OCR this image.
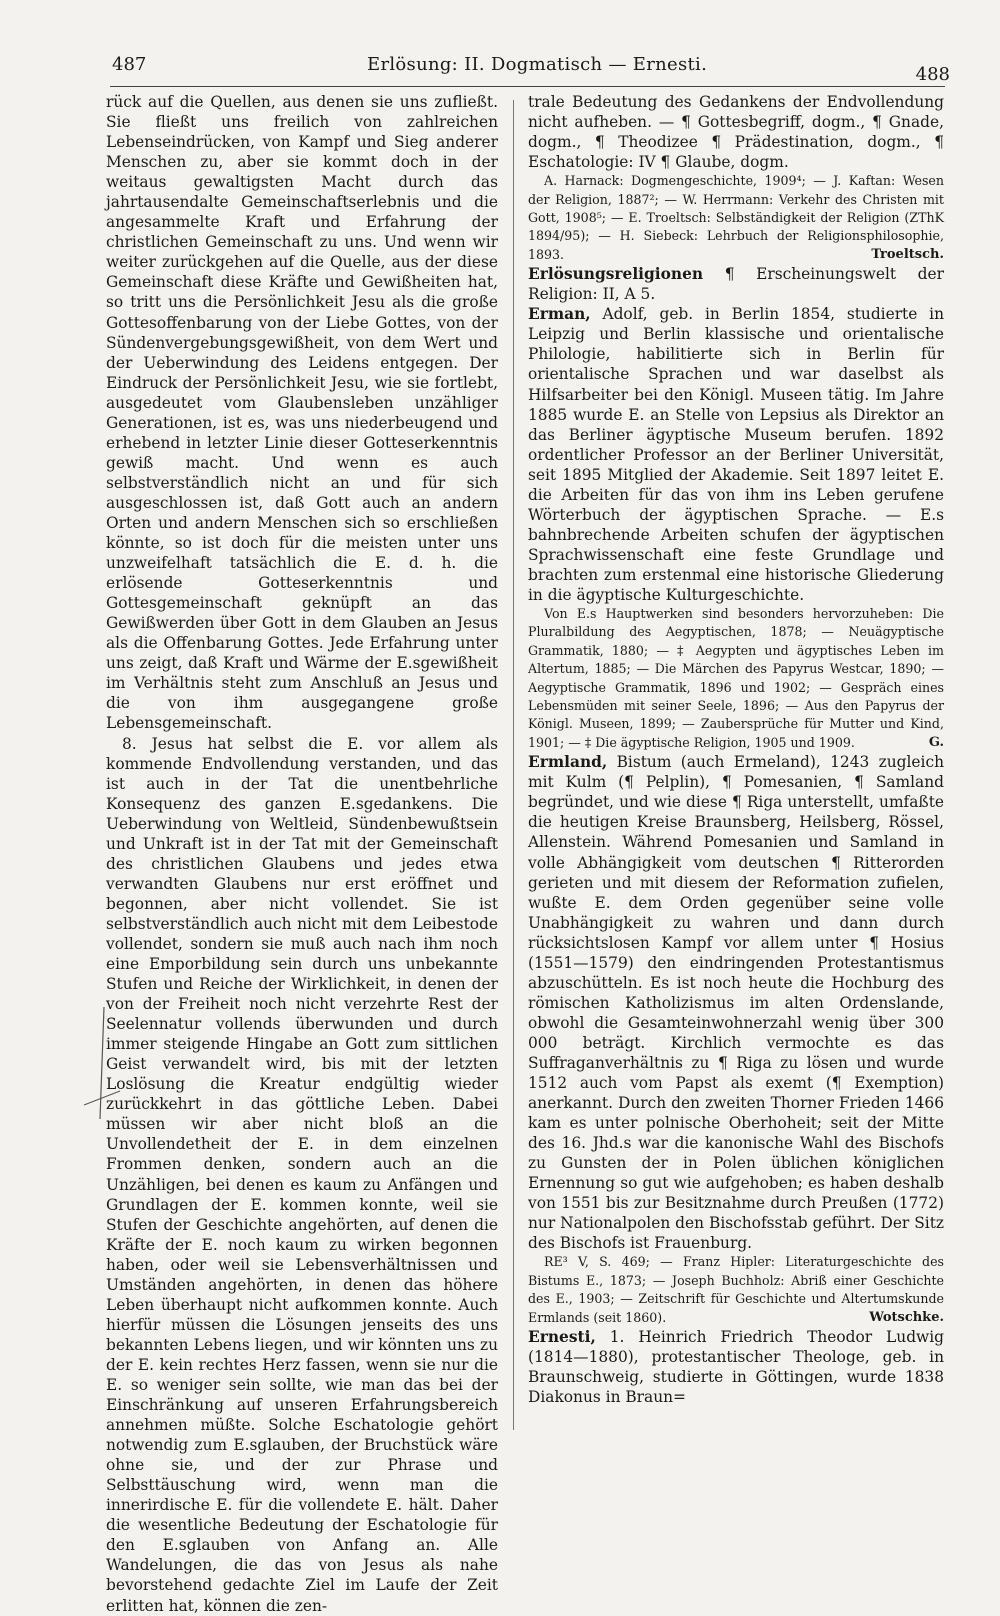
487	Erlösung: II. Dogmatisch — Ernesti.	488

rück auf die Quellen, aus denen sie uns zufließt. Sie fließt uns freilich von zahlreichen Lebenseindrücken, von Kampf und Sieg anderer Menschen zu, aber sie kommt doch in der weitaus gewaltigsten Macht durch das jahrtausendalte Gemeinschaftserlebnis und die angesammelte Kraft und Erfahrung der christlichen Gemeinschaft zu uns. Und wenn wir weiter zurückgehen auf die Quelle, aus der diese Gemeinschaft diese Kräfte und Gewißheiten hat, so tritt uns die Persönlichkeit Jesu als die große Gottesoffenbarung von der Liebe Gottes, von der Sündenvergebungsgewißheit, von dem Wert und der Ueberwindung des Leidens entgegen. Der Eindruck der Persönlichkeit Jesu, wie sie fortlebt, ausgedeutet vom Glaubensleben unzähliger Generationen, ist es, was uns niederbeugend und erhebend in letzter Linie dieser Gotteserkenntnis gewiß macht. Und wenn es auch selbstverständlich nicht an und für sich ausgeschlossen ist, daß Gott auch an andern Orten und andern Menschen sich so erschließen könnte, so ist doch für die meisten unter uns unzweifelhaft tatsächlich die E. d. h. die erlösende Gotteserkenntnis und Gottesgemeinschaft geknüpft an das Gewißwerden über Gott in dem Glauben an Jesus als die Offenbarung Gottes. Jede Erfahrung unter uns zeigt, daß Kraft und Wärme der E.sgewißheit im Verhältnis steht zum Anschluß an Jesus und die von ihm ausgegangene große Lebensgemeinschaft.

8. Jesus hat selbst die E. vor allem als kommende Endvollendung verstanden, und das ist auch in der Tat die unentbehrliche Konsequenz des ganzen E.sgedankens. Die Ueberwindung von Weltleid, Sündenbewußtsein und Unkraft ist in der Tat mit der Gemeinschaft des christlichen Glaubens und jedes etwa verwandten Glaubens nur erst eröffnet und begonnen, aber nicht vollendet. Sie ist selbstverständlich auch nicht mit dem Leibestode vollendet, sondern sie muß auch nach ihm noch eine Emporbildung sein durch uns unbekannte Stufen und Reiche der Wirklichkeit, in denen der von der Freiheit noch nicht verzehrte Rest der Seelennatur vollends überwunden und durch immer steigende Hingabe an Gott zum sittlichen Geist verwandelt wird, bis mit der letzten Loslösung die Kreatur endgültig wieder zurückkehrt in das göttliche Leben. Dabei müssen wir aber nicht bloß an die Unvollendetheit der E. in dem einzelnen Frommen denken, sondern auch an die Unzähligen, bei denen es kaum zu Anfängen und Grundlagen der E. kommen konnte, weil sie Stufen der Geschichte angehörten, auf denen die Kräfte der E. noch kaum zu wirken begonnen haben, oder weil sie Lebensverhältnissen und Umständen angehörten, in denen das höhere Leben überhaupt nicht aufkommen konnte. Auch hierfür müssen die Lösungen jenseits des uns bekannten Lebens liegen, und wir könnten uns zu der E. kein rechtes Herz fassen, wenn sie nur die E. so weniger sein sollte, wie man das bei der Einschränkung auf unseren Erfahrungsbereich annehmen müßte. Solche Eschatologie gehört notwendig zum E.sglauben, der Bruchstück wäre ohne sie, und der zur Phrase und Selbsttäuschung wird, wenn man die innerirdische E. für die vollendete E. hält. Daher die wesentliche Bedeutung der Eschatologie für den E.sglauben von Anfang an. Alle Wandelungen, die das von Jesus als nahe bevorstehend gedachte Ziel im Laufe der Zeit erlitten hat, können die zen-

trale Bedeutung des Gedankens der Endvollendung nicht aufheben. — ¶ Gottesbegriff, dogm., ¶ Gnade, dogm., ¶ Theodizee ¶ Prädestination, dogm., ¶ Eschatologie: IV ¶ Glaube, dogm.

A. Harnack: Dogmengeschichte, 1909⁴; — J. Kaftan: Wesen der Religion, 1887²; — W. Herrmann: Verkehr des Christen mit Gott, 1908⁵; — E. Troeltsch: Selbständigkeit der Religion (ZThK 1894/95); — H. Siebeck: Lehrbuch der Religionsphilosophie, 1893.	Troeltsch.

Erlösungsreligionen ¶ Erscheinungswelt der Religion: II, A 5.

Erman, Adolf, geb. in Berlin 1854, studierte in Leipzig und Berlin klassische und orientalische Philologie, habilitierte sich in Berlin für orientalische Sprachen und war daselbst als Hilfsarbeiter bei den Königl. Museen tätig. Im Jahre 1885 wurde E. an Stelle von Lepsius als Direktor an das Berliner ägyptische Museum berufen. 1892 ordentlicher Professor an der Berliner Universität, seit 1895 Mitglied der Akademie. Seit 1897 leitet E. die Arbeiten für das von ihm ins Leben gerufene Wörterbuch der ägyptischen Sprache. — E.s bahnbrechende Arbeiten schufen der ägyptischen Sprachwissenschaft eine feste Grundlage und brachten zum erstenmal eine historische Gliederung in die ägyptische Kulturgeschichte.

Von E.s Hauptwerken sind besonders hervorzuheben: Die Pluralbildung des Aegyptischen, 1878; — Neuägyptische Grammatik, 1880; — ‡ Aegypten und ägyptisches Leben im Altertum, 1885; — Die Märchen des Papyrus Westcar, 1890; — Aegyptische Grammatik, 1896 und 1902; — Gespräch eines Lebensmüden mit seiner Seele, 1896; — Aus den Papyrus der Königl. Museen, 1899; — Zaubersprüche für Mutter und Kind, 1901; — ‡ Die ägyptische Religion, 1905 und 1909.	G.

Ermland, Bistum (auch Ermeland), 1243 zugleich mit Kulm (¶ Pelplin), ¶ Pomesanien, ¶ Samland begründet, und wie diese ¶ Riga unterstellt, umfaßte die heutigen Kreise Braunsberg, Heilsberg, Rössel, Allenstein. Während Pomesanien und Samland in volle Abhängigkeit vom deutschen ¶ Ritterorden gerieten und mit diesem der Reformation zufielen, wußte E. dem Orden gegenüber seine volle Unabhängigkeit zu wahren und dann durch rücksichtslosen Kampf vor allem unter ¶ Hosius (1551—1579) den eindringenden Protestantismus abzuschütteln. Es ist noch heute die Hochburg des römischen Katholizismus im alten Ordenslande, obwohl die Gesamteinwohnerzahl wenig über 300 000 beträgt. Kirchlich vermochte es das Suffraganverhältnis zu ¶ Riga zu lösen und wurde 1512 auch vom Papst als exemt (¶ Exemption) anerkannt. Durch den zweiten Thorner Frieden 1466 kam es unter polnische Oberhoheit; seit der Mitte des 16. Jhd.s war die kanonische Wahl des Bischofs zu Gunsten der in Polen üblichen königlichen Ernennung so gut wie aufgehoben; es haben deshalb von 1551 bis zur Besitznahme durch Preußen (1772) nur Nationalpolen den Bischofsstab geführt. Der Sitz des Bischofs ist Frauenburg.

RE³ V, S. 469; — Franz Hipler: Literaturgeschichte des Bistums E., 1873; — Joseph Buchholz: Abriß einer Geschichte des E., 1903; — Zeitschrift für Geschichte und Altertumskunde Ermlands (seit 1860).	Wotschke.

Ernesti, 1. Heinrich Friedrich Theodor Ludwig (1814—1880), protestantischer Theologe, geb. in Braunschweig, studierte in Göttingen, wurde 1838 Diakonus in Braun=
